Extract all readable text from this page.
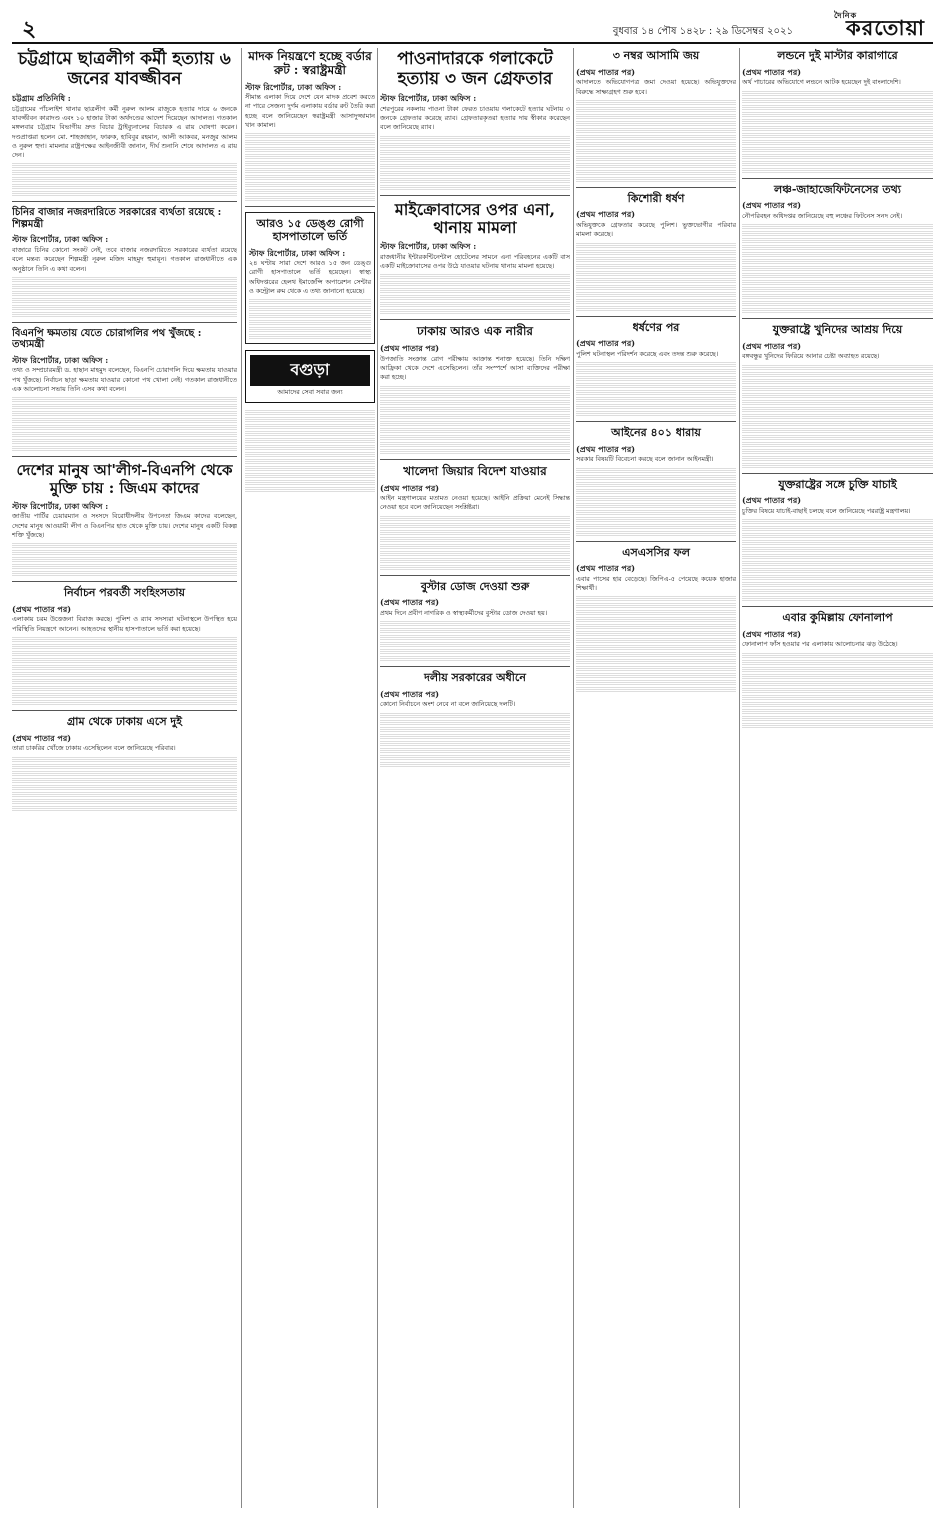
২	বুধবার ১৪ পৌষ ১৪২৮ : ২৯ ডিসেম্বর ২০২১
দৈনিক
করতোয়া
চট্টগ্রামে ছাত্রলীগ কর্মী হত্যায় ৬ জনের যাবজ্জীবন
চট্টগ্রাম প্রতিনিধি :

চট্টগ্রামের পাঁচলাইশ থানার ছাত্রলীগ কর্মী নুরুল আলম রাজুকে হত্যার দায়ে ৬ জনকে যাবজ্জীবন কারাদণ্ড এবং ১০ হাজার টাকা অর্থদণ্ডের আদেশ দিয়েছেন আদালত। গতকাল মঙ্গলবার চট্টগ্রাম বিভাগীয় দ্রুত বিচার ট্রাইব্যুনালের বিচারক এ রায় ঘোষণা করেন। দণ্ডপ্রাপ্তরা হলেন মো. শাহজাহান, ফারুক, হাবিবুর রহমান, আলী আকবর, মনজুর আলম ও নুরুল হুদা। মামলার রাষ্ট্রপক্ষের আইনজীবী জানান, দীর্ঘ শুনানি শেষে আদালত এ রায় দেন।

চিনির বাজার নজরদারিতে সরকারের ব্যর্থতা রয়েছে : শিল্পমন্ত্রী
স্টাফ রিপোর্টার, ঢাকা অফিস :

বাজারে চিনির কোনো সংকট নেই, তবে বাজার নজরদারিতে সরকারের ব্যর্থতা রয়েছে বলে মন্তব্য করেছেন শিল্পমন্ত্রী নূরুল মজিদ মাহমুদ হুমায়ূন। গতকাল রাজধানীতে এক অনুষ্ঠানে তিনি এ কথা বলেন।

বিএনপি ক্ষমতায় যেতে চোরাগলির পথ খুঁজছে : তথ্যমন্ত্রী
স্টাফ রিপোর্টার, ঢাকা অফিস :

তথ্য ও সম্প্রচারমন্ত্রী ড. হাছান মাহমুদ বলেছেন, বিএনপি চোরাগলি দিয়ে ক্ষমতায় যাওয়ার পথ খুঁজছে। নির্বাচন ছাড়া ক্ষমতায় যাওয়ার কোনো পথ খোলা নেই। গতকাল রাজধানীতে এক আলোচনা সভায় তিনি এসব কথা বলেন।

দেশের মানুষ আ'লীগ-বিএনপি থেকে মুক্তি চায় : জিএম কাদের
স্টাফ রিপোর্টার, ঢাকা অফিস :

জাতীয় পার্টির চেয়ারম্যান ও সংসদে বিরোধীদলীয় উপনেতা জিএম কাদের বলেছেন, দেশের মানুষ আওয়ামী লীগ ও বিএনপির হাত থেকে মুক্তি চায়। দেশের মানুষ একটি বিকল্প শক্তি খুঁজছে।

নির্বাচন পরবর্তী সংহিংসতায়
(প্রথম পাতার পর)

এলাকায় চরম উত্তেজনা বিরাজ করছে। পুলিশ ও র‌্যাব সদস্যরা ঘটনাস্থলে উপস্থিত হয়ে পরিস্থিতি নিয়ন্ত্রণে আনেন। আহতদের স্থানীয় হাসপাতালে ভর্তি করা হয়েছে।

গ্রাম থেকে ঢাকায় এসে দুই
(প্রথম পাতার পর)

তারা চাকরির খোঁজে ঢাকায় এসেছিলেন বলে জানিয়েছে পরিবার।

মাদক নিয়ন্ত্রণে হচ্ছে বর্ডার রুট : স্বরাষ্ট্রমন্ত্রী
স্টাফ রিপোর্টার, ঢাকা অফিস :

সীমান্ত এলাকা দিয়ে দেশে যেন মাদক প্রবেশ করতে না পারে সেজন্য দুর্গম এলাকায় বর্ডার রুট তৈরি করা হচ্ছে বলে জানিয়েছেন স্বরাষ্ট্রমন্ত্রী আসাদুজ্জামান খান কামাল।

আরও ১৫ ডেঙ্গু রোগী হাসপাতালে ভর্তি
স্টাফ রিপোর্টার, ঢাকা অফিস :

২৪ ঘণ্টায় সারা দেশে আরও ১৫ জন ডেঙ্গু রোগী হাসপাতালে ভর্তি হয়েছেন। স্বাস্থ্য অধিদপ্তরের হেলথ ইমার্জেন্সি অপারেশন সেন্টার ও কন্ট্রোল রুম থেকে এ তথ্য জানানো হয়েছে।

বগুড়া
আমাদের সেবা সবার জন্য
পাওনাদারকে গলাকেটে হত্যায় ৩ জন গ্রেফতার
স্টাফ রিপোর্টার, ঢাকা অফিস :

শেরপুরের নকলায় পাওনা টাকা ফেরত চাওয়ায় গলাকেটে হত্যার ঘটনায় ৩ জনকে গ্রেফতার করেছে র‌্যাব। গ্রেফতারকৃতরা হত্যার দায় স্বীকার করেছেন বলে জানিয়েছে র‌্যাব।

মাইক্রোবাসের ওপর এনা, থানায় মামলা
স্টাফ রিপোর্টার, ঢাকা অফিস :

রাজধানীর ইন্টারকন্টিনেন্টাল হোটেলের সামনে এনা পরিবহনের একটি বাস একটি মাইক্রোবাসের ওপর উঠে যাওয়ার ঘটনায় থানায় মামলা হয়েছে।

ঢাকায় আরও এক নারীর
(প্রথম পাতার পর)

উপজাতি সংক্রান্ত রোগ পরীক্ষায় আক্রান্ত শনাক্ত হয়েছে। তিনি দক্ষিণ আফ্রিকা থেকে দেশে এসেছিলেন। তাঁর সংস্পর্শে আসা ব্যক্তিদের পরীক্ষা করা হচ্ছে।

খালেদা জিয়ার বিদেশ যাওয়ার
(প্রথম পাতার পর)

আইন মন্ত্রণালয়ের মতামত নেওয়া হয়েছে। আইনি প্রক্রিয়া মেনেই সিদ্ধান্ত নেওয়া হবে বলে জানিয়েছেন সংশ্লিষ্টরা।

বুস্টার ডোজ দেওয়া শুরু
(প্রথম পাতার পর)

প্রথম দিনে প্রবীণ নাগরিক ও স্বাস্থ্যকর্মীদের বুস্টার ডোজ দেওয়া হয়।

দলীয় সরকারের অধীনে
(প্রথম পাতার পর)

কোনো নির্বাচনে অংশ নেবে না বলে জানিয়েছে দলটি।

৩ নম্বর আসামি জয়
(প্রথম পাতার পর)

আদালতে অভিযোগপত্র জমা দেওয়া হয়েছে। অভিযুক্তদের বিরুদ্ধে সাক্ষ্যগ্রহণ শুরু হবে।

কিশোরী ধর্ষণ
(প্রথম পাতার পর)

অভিযুক্তকে গ্রেফতার করেছে পুলিশ। ভুক্তভোগীর পরিবার মামলা করেছে।

ধর্ষণের পর
(প্রথম পাতার পর)

পুলিশ ঘটনাস্থল পরিদর্শন করেছে এবং তদন্ত শুরু করেছে।

আইনের ৪০১ ধারায়
(প্রথম পাতার পর)

সরকার বিষয়টি বিবেচনা করছে বলে জানান আইনমন্ত্রী।

এসএসসির ফল
(প্রথম পাতার পর)

এবার পাসের হার বেড়েছে। জিপিএ-৫ পেয়েছে কয়েক হাজার শিক্ষার্থী।

লন্ডনে দুই মাস্টার কারাগারে
(প্রথম পাতার পর)

অর্থ পাচারের অভিযোগে লন্ডনে আটক হয়েছেন দুই বাংলাদেশি।

লঞ্চ-জাহাজেফিটনেসের তথ্য
(প্রথম পাতার পর)

নৌপরিবহন অধিদপ্তর জানিয়েছে বহু লঞ্চের ফিটনেস সনদ নেই।

যুক্তরাষ্ট্রে খুনিদের আশ্রয় দিয়ে
(প্রথম পাতার পর)

বঙ্গবন্ধুর খুনিদের ফিরিয়ে আনার চেষ্টা অব্যাহত রয়েছে।

যুক্তরাষ্ট্রের সঙ্গে চুক্তি যাচাই
(প্রথম পাতার পর)

চুক্তির বিষয়ে যাচাই-বাছাই চলছে বলে জানিয়েছে পররাষ্ট্র মন্ত্রণালয়।

এবার কুমিল্লায় ফোনালাপ
(প্রথম পাতার পর)

ফোনালাপ ফাঁস হওয়ার পর এলাকায় আলোচনার ঝড় উঠেছে।
